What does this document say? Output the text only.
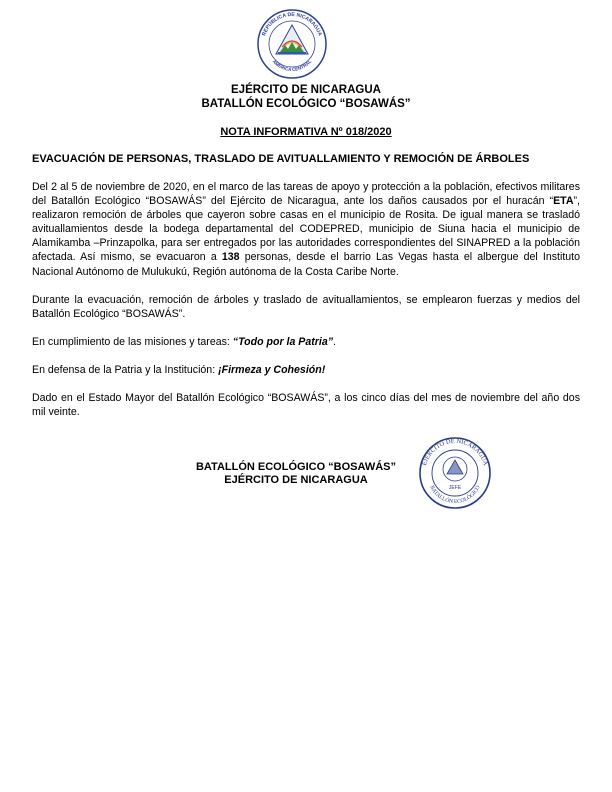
REPÚBLICA DE NICARAGUA
AMÉRICA CENTRAL
EJÉRCITO DE NICARAGUA
BATALLÓN ECOLÓGICO “BOSAWÁS”
NOTA INFORMATIVA Nº 018/2020
EVACUACIÓN DE PERSONAS, TRASLADO DE AVITUALLAMIENTO Y REMOCIÓN DE ÁRBOLES

Del 2 al 5 de noviembre de 2020, en el marco de las tareas de apoyo y protección a la población, efectivos militares del Batallón Ecológico “BOSAWÁS” del Ejército de Nicaragua, ante los daños causados por el huracán “ETA”, realizaron remoción de árboles que cayeron sobre casas en el municipio de Rosita. De igual manera se trasladó avituallamientos desde la bodega departamental del CODEPRED, municipio de Siuna hacia el municipio de Alamikamba –Prinzapolka, para ser entregados por las autoridades correspondientes del SINAPRED a la población afectada. Así mismo, se evacuaron a 138 personas, desde el barrio Las Vegas hasta el albergue del Instituto Nacional Autónomo de Mulukukú, Región autónoma de la Costa Caribe Norte.

Durante la evacuación, remoción de árboles y traslado de avituallamientos, se emplearon fuerzas y medios del Batallón Ecológico “BOSAWÁS”.

En cumplimiento de las misiones y tareas: “Todo por la Patria”.

En defensa de la Patria y la Institución: ¡Firmeza y Cohesión!

Dado en el Estado Mayor del Batallón Ecológico “BOSAWÁS”, a los cinco días del mes de noviembre del año dos mil veinte.

BATALLÓN ECOLÓGICO “BOSAWÁS”
EJÉRCITO DE NICARAGUA
EJÉRCITO DE NICARAGUA
BATALLÓN ECOLÓGICO
JEFE
